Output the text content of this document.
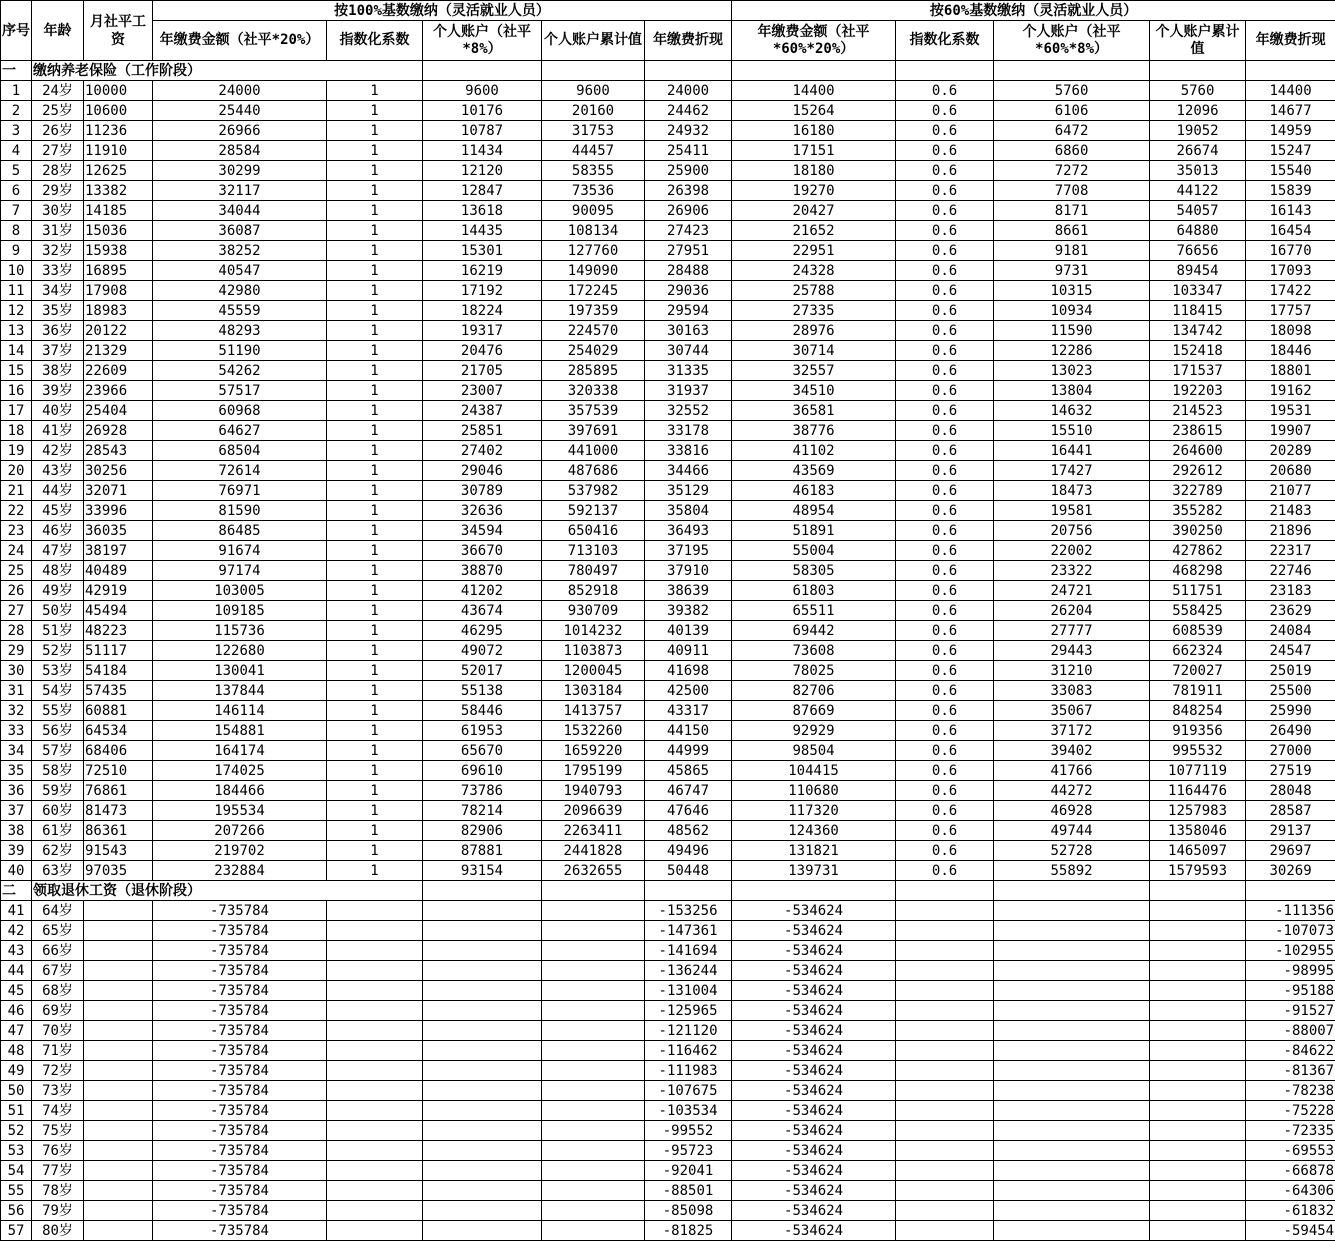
序号	年龄	月社平工资	按100%基数缴纳（灵活就业人员）					按60%基数缴纳（灵活就业人员）				
			年缴费金额（社平*20%）	指数化系数	个人账户（社平*8%）	个人账户累计值	年缴费折现	年缴费金额（社平*60%*20%）	指数化系数	个人账户（社平*60%*8%）	个人账户累计值	年缴费折现
一	缴纳养老保险（工作阶段）											
1	24岁	10000	24000	1	9600	9600	24000	14400	0.6	5760	5760	14400
2	25岁	10600	25440	1	10176	20160	24462	15264	0.6	6106	12096	14677
3	26岁	11236	26966	1	10787	31753	24932	16180	0.6	6472	19052	14959
4	27岁	11910	28584	1	11434	44457	25411	17151	0.6	6860	26674	15247
5	28岁	12625	30299	1	12120	58355	25900	18180	0.6	7272	35013	15540
6	29岁	13382	32117	1	12847	73536	26398	19270	0.6	7708	44122	15839
7	30岁	14185	34044	1	13618	90095	26906	20427	0.6	8171	54057	16143
8	31岁	15036	36087	1	14435	108134	27423	21652	0.6	8661	64880	16454
9	32岁	15938	38252	1	15301	127760	27951	22951	0.6	9181	76656	16770
10	33岁	16895	40547	1	16219	149090	28488	24328	0.6	9731	89454	17093
11	34岁	17908	42980	1	17192	172245	29036	25788	0.6	10315	103347	17422
12	35岁	18983	45559	1	18224	197359	29594	27335	0.6	10934	118415	17757
13	36岁	20122	48293	1	19317	224570	30163	28976	0.6	11590	134742	18098
14	37岁	21329	51190	1	20476	254029	30744	30714	0.6	12286	152418	18446
15	38岁	22609	54262	1	21705	285895	31335	32557	0.6	13023	171537	18801
16	39岁	23966	57517	1	23007	320338	31937	34510	0.6	13804	192203	19162
17	40岁	25404	60968	1	24387	357539	32552	36581	0.6	14632	214523	19531
18	41岁	26928	64627	1	25851	397691	33178	38776	0.6	15510	238615	19907
19	42岁	28543	68504	1	27402	441000	33816	41102	0.6	16441	264600	20289
20	43岁	30256	72614	1	29046	487686	34466	43569	0.6	17427	292612	20680
21	44岁	32071	76971	1	30789	537982	35129	46183	0.6	18473	322789	21077
22	45岁	33996	81590	1	32636	592137	35804	48954	0.6	19581	355282	21483
23	46岁	36035	86485	1	34594	650416	36493	51891	0.6	20756	390250	21896
24	47岁	38197	91674	1	36670	713103	37195	55004	0.6	22002	427862	22317
25	48岁	40489	97174	1	38870	780497	37910	58305	0.6	23322	468298	22746
26	49岁	42919	103005	1	41202	852918	38639	61803	0.6	24721	511751	23183
27	50岁	45494	109185	1	43674	930709	39382	65511	0.6	26204	558425	23629
28	51岁	48223	115736	1	46295	1014232	40139	69442	0.6	27777	608539	24084
29	52岁	51117	122680	1	49072	1103873	40911	73608	0.6	29443	662324	24547
30	53岁	54184	130041	1	52017	1200045	41698	78025	0.6	31210	720027	25019
31	54岁	57435	137844	1	55138	1303184	42500	82706	0.6	33083	781911	25500
32	55岁	60881	146114	1	58446	1413757	43317	87669	0.6	35067	848254	25990
33	56岁	64534	154881	1	61953	1532260	44150	92929	0.6	37172	919356	26490
34	57岁	68406	164174	1	65670	1659220	44999	98504	0.6	39402	995532	27000
35	58岁	72510	174025	1	69610	1795199	45865	104415	0.6	41766	1077119	27519
36	59岁	76861	184466	1	73786	1940793	46747	110680	0.6	44272	1164476	28048
37	60岁	81473	195534	1	78214	2096639	47646	117320	0.6	46928	1257983	28587
38	61岁	86361	207266	1	82906	2263411	48562	124360	0.6	49744	1358046	29137
39	62岁	91543	219702	1	87881	2441828	49496	131821	0.6	52728	1465097	29697
40	63岁	97035	232884	1	93154	2632655	50448	139731	0.6	55892	1579593	30269
二	领取退休工资（退休阶段）											
41	64岁		-735784				-153256	-534624				-111356
42	65岁		-735784				-147361	-534624				-107073
43	66岁		-735784				-141694	-534624				-102955
44	67岁		-735784				-136244	-534624				-98995
45	68岁		-735784				-131004	-534624				-95188
46	69岁		-735784				-125965	-534624				-91527
47	70岁		-735784				-121120	-534624				-88007
48	71岁		-735784				-116462	-534624				-84622
49	72岁		-735784				-111983	-534624				-81367
50	73岁		-735784				-107675	-534624				-78238
51	74岁		-735784				-103534	-534624				-75228
52	75岁		-735784				-99552	-534624				-72335
53	76岁		-735784				-95723	-534624				-69553
54	77岁		-735784				-92041	-534624				-66878
55	78岁		-735784				-88501	-534624				-64306
56	79岁		-735784				-85098	-534624				-61832
57	80岁		-735784				-81825	-534624				-59454
